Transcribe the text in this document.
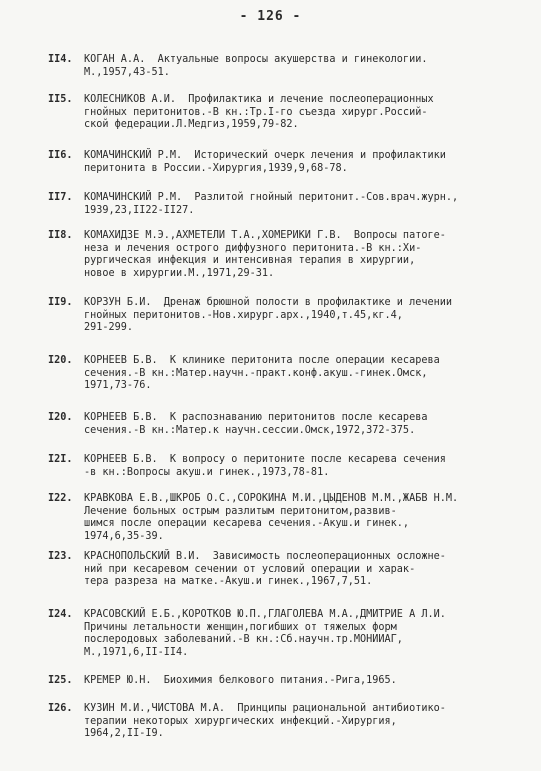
- 126 -
II4.	КОГАН А.А.  Актуальные вопросы акушерства и гинекологии.
М.,1957,43-51.
II5.	КОЛЕСНИКОВ А.И.  Профилактика и лечение послеоперационных
гнойных перитонитов.-В кн.:Тр.I-го съезда хирург.Россий-
ской федерации.Л.Медгиз,1959,79-82.
II6.	КОМАЧИНСКИЙ Р.М.  Исторический очерк лечения и профилактики
перитонита в России.-Хирургия,1939,9,68-78.
II7.	КОМАЧИНСКИЙ Р.М.  Разлитой гнойный перитонит.-Сов.врач.журн.,
1939,23,II22-II27.
II8.	КОМАХИДЗЕ М.Э.,АХМЕТЕЛИ Т.А.,ХОМЕРИКИ Г.В.  Вопросы патоге-
неза и лечения острого диффузного перитонита.-В кн.:Хи-
рургическая инфекция и интенсивная терапия в хирургии,
новое в хирургии.М.,1971,29-31.
II9.	КОРЗУН Б.И.  Дренаж брюшной полости в профилактике и лечении
гнойных перитонитов.-Нов.хирург.арх.,1940,т.45,кг.4,
291-299.
I20.	КОРНЕЕВ Б.В.  К клинике перитонита после операции кесарева
сечения.-В кн.:Матер.научн.-практ.конф.акуш.-гинек.Омск,
1971,73-76.
I20.	КОРНЕЕВ Б.В.  К распознаванию перитонитов после кесарева
сечения.-В кн.:Матер.к научн.сессии.Омск,1972,372-375.
I2I.	КОРНЕЕВ Б.В.  К вопросу о перитоните после кесарева сечения
-в кн.:Вопросы акуш.и гинек.,1973,78-81.
I22.	КРАВКОВА Е.В.,ШКРОБ О.С.,СОРОКИНА М.И.,ЦЫДЕНОВ М.М.,ЖАБВ Н.М.
Лечение больных острым разлитым перитонитом,развив-
шимся после операции кесарева сечения.-Акуш.и гинек.,
1974,6,35-39.
I23.	КРАСНОПОЛЬСКИЙ В.И.  Зависимость послеоперационных осложне-
ний при кесаревом сечении от условий операции и харак-
тера разреза на матке.-Акуш.и гинек.,1967,7,51.
I24.	КРАСОВСКИЙ Е.Б.,КОРОТКОВ Ю.П.,ГЛАГОЛЕВА М.А.,ДМИТРИЕ А Л.И.
Причины летальности женщин,погибших от тяжелых форм
послеродовых заболеваний.-В кн.:Сб.научн.тр.МОНИИАГ,
М.,1971,6,II-II4.
I25.	КРЕМЕР Ю.Н.  Биохимия белкового питания.-Рига,1965.
I26.	КУЗИН М.И.,ЧИСТОВА М.А.  Принципы рациональной антибиотико-
терапии некоторых хирургических инфекций.-Хирургия,
1964,2,II-I9.
